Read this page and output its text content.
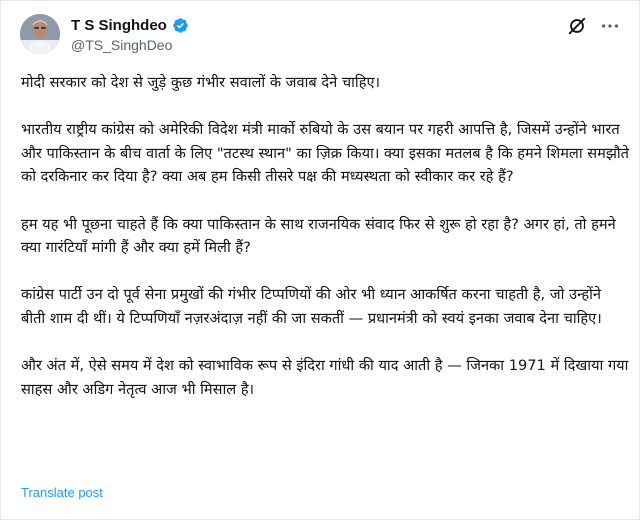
T S Singhdeo
@TS_SinghDeo

मोदी सरकार को देश से जुड़े कुछ गंभीर सवालों के जवाब देने चाहिए।

भारतीय राष्ट्रीय कांग्रेस को अमेरिकी विदेश मंत्री मार्को रुबियो के उस बयान पर गहरी आपत्ति है, जिसमें उन्होंने भारत और पाकिस्तान के बीच वार्ता के लिए "तटस्थ स्थान" का ज़िक्र किया। क्या इसका मतलब है कि हमने शिमला समझौते को दरकिनार कर दिया है? क्या अब हम किसी तीसरे पक्ष की मध्यस्थता को स्वीकार कर रहे हैं?

हम यह भी पूछना चाहते हैं कि क्या पाकिस्तान के साथ राजनयिक संवाद फिर से शुरू हो रहा है? अगर हां, तो हमने क्या गारंटियाँ मांगी हैं और क्या हमें मिली हैं?

कांग्रेस पार्टी उन दो पूर्व सेना प्रमुखों की गंभीर टिप्पणियों की ओर भी ध्यान आकर्षित करना चाहती है, जो उन्होंने बीती शाम दी थीं। ये टिप्पणियाँ नज़रअंदाज़ नहीं की जा सकतीं — प्रधानमंत्री को स्वयं इनका जवाब देना चाहिए।

और अंत में, ऐसे समय में देश को स्वाभाविक रूप से इंदिरा गांधी की याद आती है — जिनका 1971 में दिखाया गया साहस और अडिग नेतृत्व आज भी मिसाल है।

Translate post
